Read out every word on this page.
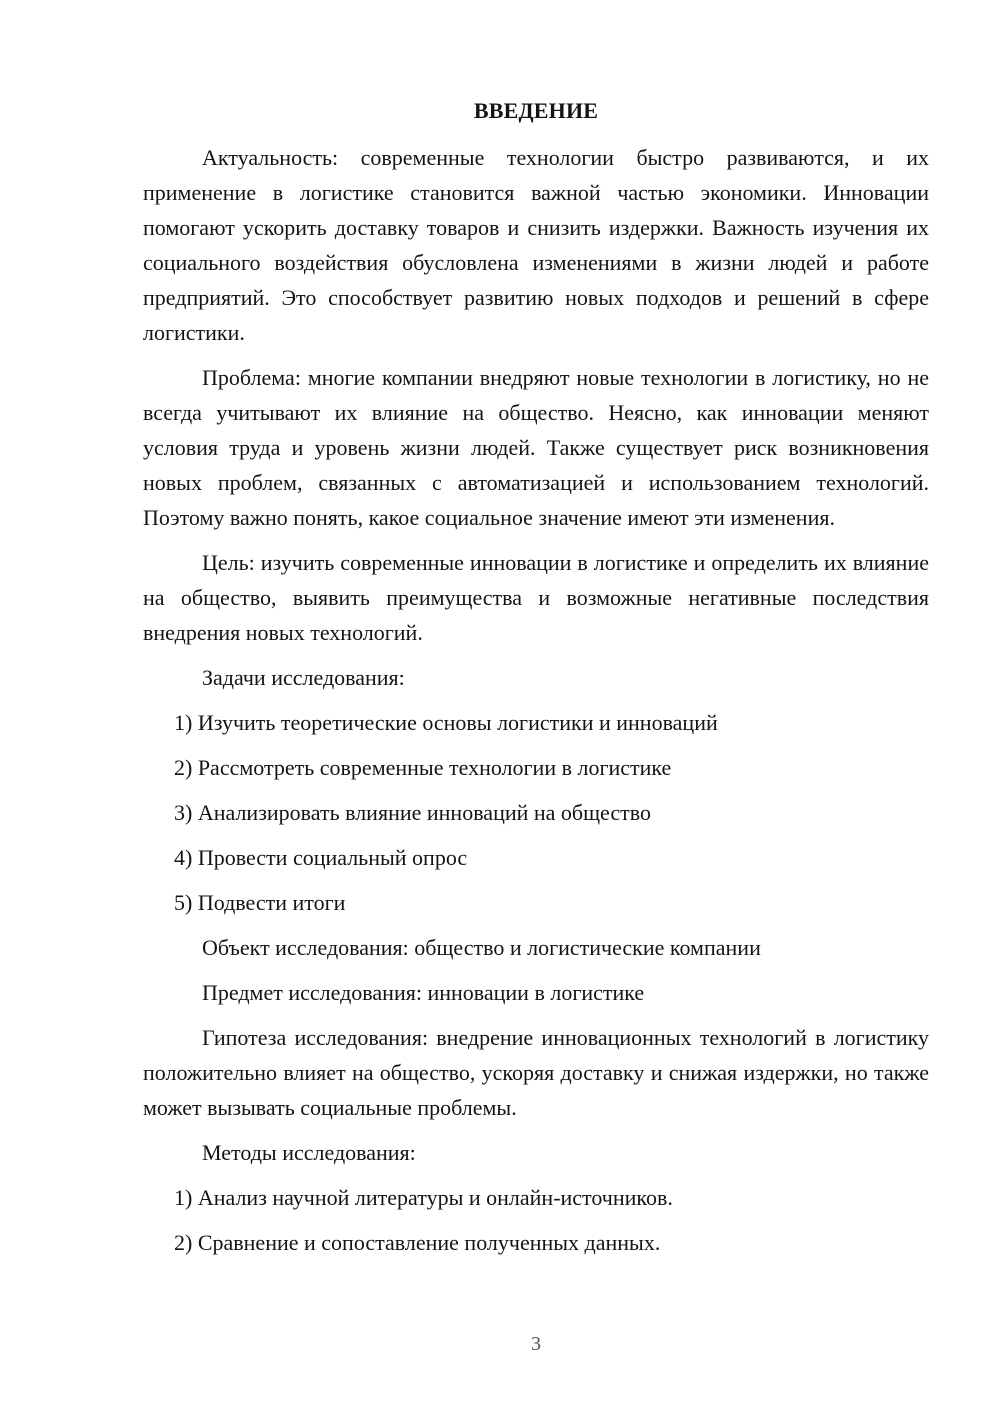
ВВЕДЕНИЕ

Актуальность: современные технологии быстро развиваются, и их применение в логистике становится важной частью экономики. Инновации помогают ускорить доставку товаров и снизить издержки. Важность изучения их социального воздействия обусловлена изменениями в жизни людей и работе предприятий. Это способствует развитию новых подходов и решений в сфере логистики.

Проблема: многие компании внедряют новые технологии в логистику, но не всегда учитывают их влияние на общество. Неясно, как инновации меняют условия труда и уровень жизни людей. Также существует риск возникновения новых проблем, связанных с автоматизацией и использованием технологий. Поэтому важно понять, какое социальное значение имеют эти изменения.

Цель: изучить современные инновации в логистике и определить их влияние на общество, выявить преимущества и возможные негативные последствия внедрения новых технологий.

Задачи исследования:

1) Изучить теоретические основы логистики и инноваций

2) Рассмотреть современные технологии в логистике

3) Анализировать влияние инноваций на общество

4) Провести социальный опрос

5) Подвести итоги

Объект исследования: общество и логистические компании

Предмет исследования: инновации в логистике

Гипотеза исследования: внедрение инновационных технологий в логистику положительно влияет на общество, ускоряя доставку и снижая издержки, но также может вызывать социальные проблемы.

Методы исследования:

1) Анализ научной литературы и онлайн-источников.

2) Сравнение и сопоставление полученных данных.

3
